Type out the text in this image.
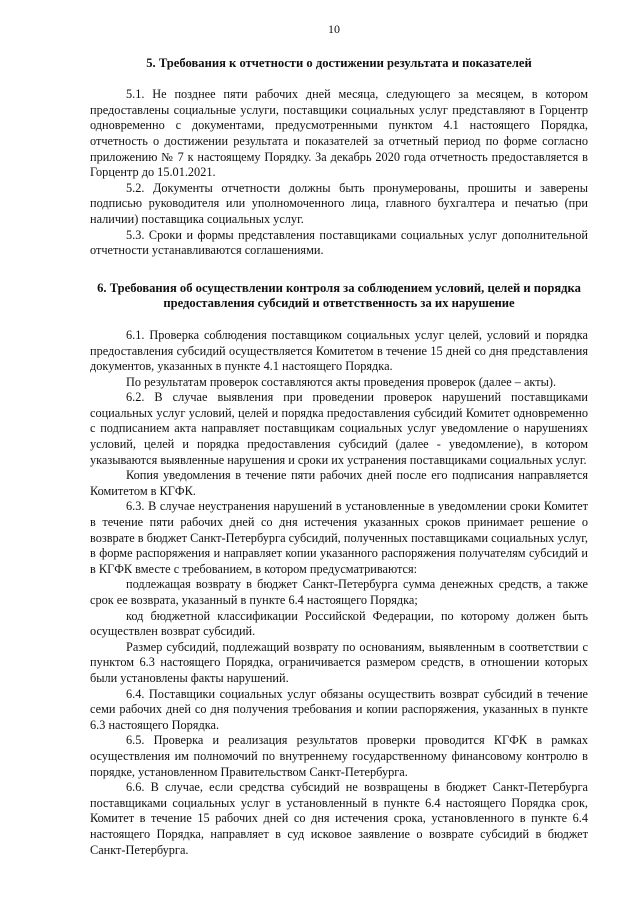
10
5. Требования к отчетности о достижении результата и показателей

5.1. Не позднее пяти рабочих дней месяца, следующего за месяцем, в котором предоставлены социальные услуги, поставщики социальных услуг представляют в Горцентр одновременно с документами, предусмотренными пунктом 4.1 настоящего Порядка, отчетность о достижении результата и показателей за отчетный период по форме согласно приложению № 7 к настоящему Порядку. За декабрь 2020 года отчетность предоставляется в Горцентр до 15.01.2021.

5.2. Документы отчетности должны быть пронумерованы, прошиты и заверены подписью руководителя или уполномоченного лица, главного бухгалтера и печатью (при наличии) поставщика социальных услуг.

5.3. Сроки и формы представления поставщиками социальных услуг дополнительной отчетности устанавливаются соглашениями.

6. Требования об осуществлении контроля за соблюдением условий, целей и порядка предоставления субсидий и ответственность за их нарушение

6.1. Проверка соблюдения поставщиком социальных услуг целей, условий и порядка предоставления субсидий осуществляется Комитетом в течение 15 дней со дня представления документов, указанных в пункте 4.1 настоящего Порядка.

По результатам проверок составляются акты проведения проверок (далее – акты).

6.2. В случае выявления при проведении проверок нарушений поставщиками социальных услуг условий, целей и порядка предоставления субсидий Комитет одновременно с подписанием акта направляет поставщикам социальных услуг уведомление о нарушениях условий, целей и порядка предоставления субсидий (далее - уведомление), в котором указываются выявленные нарушения и сроки их устранения поставщиками социальных услуг.

Копия уведомления в течение пяти рабочих дней после его подписания направляется Комитетом в КГФК.

6.3. В случае неустранения нарушений в установленные в уведомлении сроки Комитет в течение пяти рабочих дней со дня истечения указанных сроков принимает решение о возврате в бюджет Санкт-Петербурга субсидий, полученных поставщиками социальных услуг, в форме распоряжения и направляет копии указанного распоряжения получателям субсидий и в КГФК вместе с требованием, в котором предусматриваются:

подлежащая возврату в бюджет Санкт-Петербурга сумма денежных средств, а также срок ее возврата, указанный в пункте 6.4 настоящего Порядка;

код бюджетной классификации Российской Федерации, по которому должен быть осуществлен возврат субсидий.

Размер субсидий, подлежащий возврату по основаниям, выявленным в соответствии с пунктом 6.3 настоящего Порядка, ограничивается размером средств, в отношении которых были установлены факты нарушений.

6.4. Поставщики социальных услуг обязаны осуществить возврат субсидий в течение семи рабочих дней со дня получения требования и копии распоряжения, указанных в пункте 6.3 настоящего Порядка.

6.5. Проверка и реализация результатов проверки проводится КГФК в рамках осуществления им полномочий по внутреннему государственному финансовому контролю в порядке, установленном Правительством Санкт-Петербурга.

6.6. В случае, если средства субсидий не возвращены в бюджет Санкт-Петербурга поставщиками социальных услуг в установленный в пункте 6.4 настоящего Порядка срок, Комитет в течение 15 рабочих дней со дня истечения срока, установленного в пункте 6.4 настоящего Порядка, направляет в суд исковое заявление о возврате субсидий в бюджет Санкт-Петербурга.
